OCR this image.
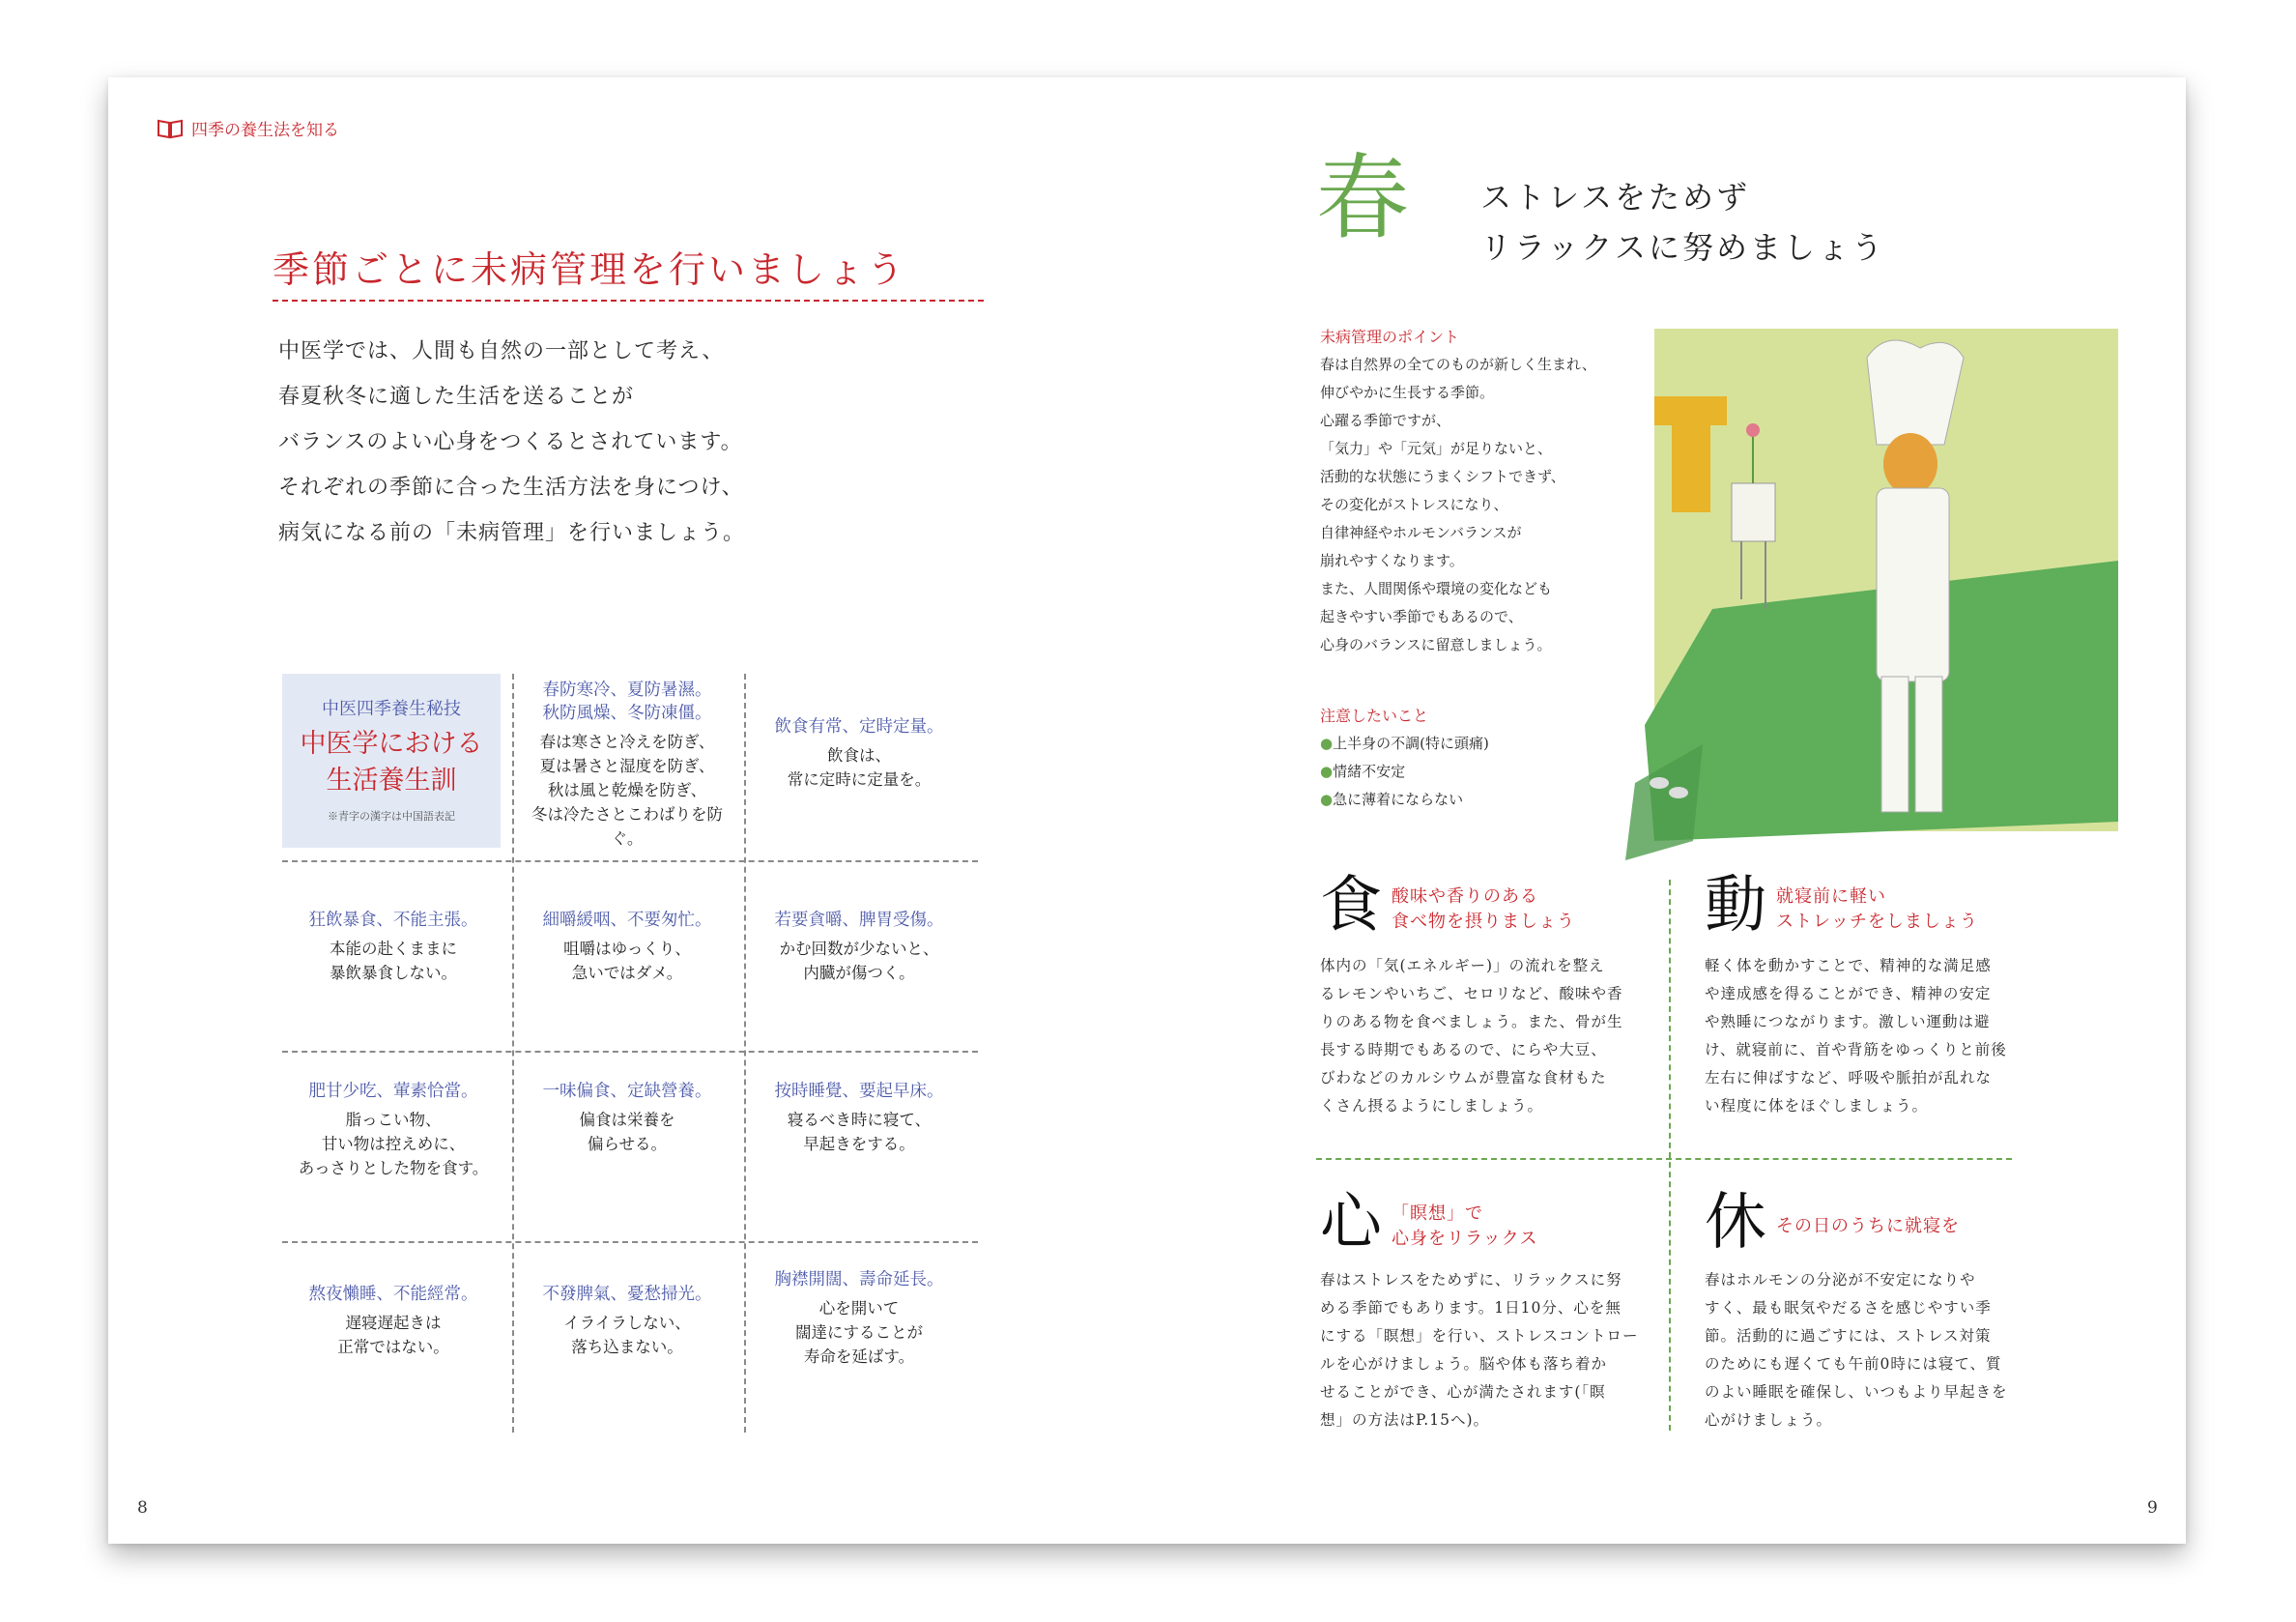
四季の養生法を知る
季節ごとに未病管理を行いましょう
中医学では、人間も自然の一部として考え、
春夏秋冬に適した生活を送ることが
バランスのよい心身をつくるとされています。
それぞれの季節に合った生活方法を身につけ、
病気になる前の「未病管理」を行いましょう。
中医四季養生秘技
中医学における
生活養生訓
※青字の漢字は中国語表記
春防寒冷、夏防暑濕。
秋防風燥、冬防凍僵。
春は寒さと冷えを防ぎ、
夏は暑さと湿度を防ぎ、
秋は風と乾燥を防ぎ、
冬は冷たさとこわばりを防ぐ。
飲食有常、定時定量。
飲食は、
常に定時に定量を。
狂飲暴食、不能主張。
本能の赴くままに
暴飲暴食しない。
細嚼緩咽、不要匆忙。
咀嚼はゆっくり、
急いではダメ。
若要貪嚼、脾胃受傷。
かむ回数が少ないと、
内臓が傷つく。
肥甘少吃、葷素恰當。
脂っこい物、
甘い物は控えめに、
あっさりとした物を食す。
一味偏食、定缺營養。
偏食は栄養を
偏らせる。
按時睡覺、要起早床。
寝るべき時に寝て、
早起きをする。
熬夜懶睡、不能經常。
遅寝遅起きは
正常ではない。
不發脾氣、憂愁掃光。
イライラしない、
落ち込まない。
胸襟開闊、壽命延長。
心を開いて
闊達にすることが
寿命を延ばす。
8
春 ストレスをためず
リラックスに努めましょう
未病管理のポイント
春は自然界の全てのものが新しく生まれ、
伸びやかに生長する季節。
心躍る季節ですが、
「気力」や「元気」が足りないと、
活動的な状態にうまくシフトできず、
その変化がストレスになり、
自律神経やホルモンバランスが
崩れやすくなります。
また、人間関係や環境の変化なども
起きやすい季節でもあるので、
心身のバランスに留意しましょう。
注意したいこと
●上半身の不調(特に頭痛)
●情緒不安定
●急に薄着にならない
食 酸味や香りのある
食べ物を摂りましょう
体内の「気(エネルギー)」の流れを整え
るレモンやいちご、セロリなど、酸味や香
りのある物を食べましょう。また、骨が生
長する時期でもあるので、にらや大豆、
びわなどのカルシウムが豊富な食材もた
くさん摂るようにしましょう。
動 就寝前に軽い
ストレッチをしましょう
軽く体を動かすことで、精神的な満足感
や達成感を得ることができ、精神の安定
や熟睡につながります。激しい運動は避
け、就寝前に、首や背筋をゆっくりと前後
左右に伸ばすなど、呼吸や脈拍が乱れな
い程度に体をほぐしましょう。
心 「瞑想」で
心身をリラックス
春はストレスをためずに、リラックスに努
める季節でもあります。1日10分、心を無
にする「瞑想」を行い、ストレスコントロー
ルを心がけましょう。脳や体も落ち着か
せることができ、心が満たされます(「瞑
想」の方法はP.15へ)。
休 その日のうちに就寝を
春はホルモンの分泌が不安定になりや
すく、最も眠気やだるさを感じやすい季
節。活動的に過ごすには、ストレス対策
のためにも遅くても午前0時には寝て、質
のよい睡眠を確保し、いつもより早起きを
心がけましょう。
9
